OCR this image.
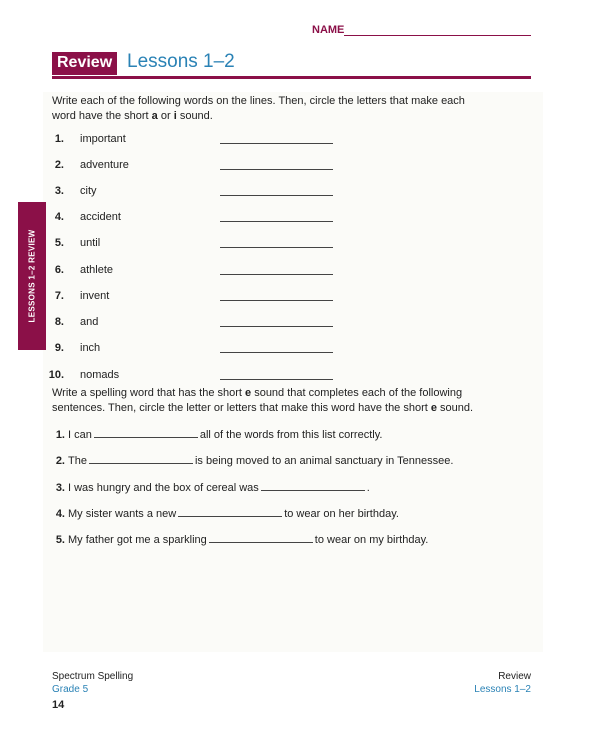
NAME
Review Lessons 1–2
LESSONS 1–2 REVIEW
Write each of the following words on the lines. Then, circle the letters that make each
word have the short a or i sound.
1. important
2. adventure
3. city
4. accident
5. until
6. athlete
7. invent
8. and
9. inch
10. nomads
Write a spelling word that has the short e sound that completes each of the following
sentences. Then, circle the letter or letters that make this word have the short e sound.
1. I can	all of the words from this list correctly.
2. The	is being moved to an animal sanctuary in Tennessee.
3. I was hungry and the box of cereal was	.
4. My sister wants a new	to wear on her birthday.
5. My father got me a sparkling	to wear on my birthday.
Spectrum Spelling
Grade 5
Review
Lessons 1–2
14
